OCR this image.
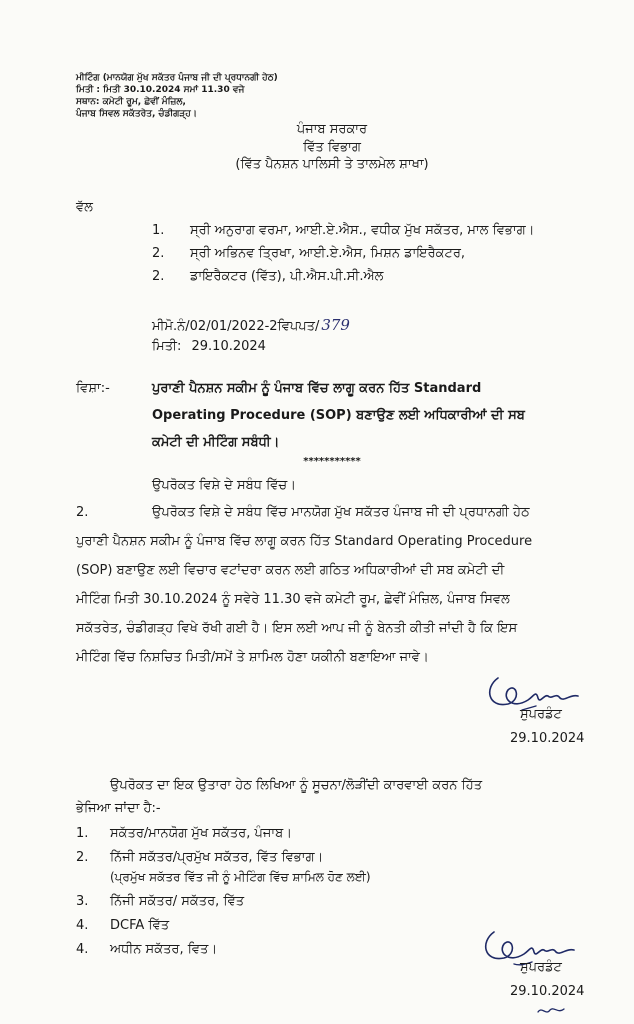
ਮੀਟਿੰਗ (ਮਾਨਯੋਗ ਮੁੱਖ ਸਕੱਤਰ ਪੰਜਾਬ ਜੀ ਦੀ ਪ੍ਰਧਾਨਗੀ ਹੇਠ)
ਮਿਤੀ : ਮਿਤੀ 30.10.2024 ਸਮਾਂ 11.30 ਵਜੇ
ਸਥਾਨ: ਕਮੇਟੀ ਰੂਮ, ਛੇਵੀਂ ਮੰਜ਼ਿਲ,
ਪੰਜਾਬ ਸਿਵਲ ਸਕੱਤਰੇਤ, ਚੰਡੀਗੜ੍ਹ।
ਪੰਜਾਬ ਸਰਕਾਰ
ਵਿੱਤ ਵਿਭਾਗ
(ਵਿੱਤ ਪੈਨਸ਼ਨ ਪਾਲਿਸੀ ਤੇ ਤਾਲਮੇਲ ਸ਼ਾਖਾ)
ਵੱਲ
1. ਸ੍ਰੀ ਅਨੁਰਾਗ ਵਰਮਾ, ਆਈ.ਏ.ਐਸ., ਵਧੀਕ ਮੁੱਖ ਸਕੱਤਰ, ਮਾਲ ਵਿਭਾਗ।
2. ਸ੍ਰੀ ਅਭਿਨਵ ਤ੍ਰਿਖਾ, ਆਈ.ਏ.ਐਸ, ਮਿਸ਼ਨ ਡਾਇਰੈਕਟਰ,
2. ਡਾਇਰੈਕਟਰ (ਵਿੱਤ), ਪੀ.ਐਸ.ਪੀ.ਸੀ.ਐਲ
ਮੀਮੋ.ਨੰ/02/01/2022-2ਵਿਪਪਤ/ 379
ਮਿਤੀ: 29.10.2024
ਵਿਸ਼ਾ:-	ਪੁਰਾਣੀ ਪੈਨਸ਼ਨ ਸਕੀਮ ਨੂੰ ਪੰਜਾਬ ਵਿੱਚ ਲਾਗੂ ਕਰਨ ਹਿੱਤ Standard
Operating Procedure (SOP) ਬਣਾਉਣ ਲਈ ਅਧਿਕਾਰੀਆਂ ਦੀ ਸਬ
ਕਮੇਟੀ ਦੀ ਮੀਟਿੰਗ ਸਬੰਧੀ।
***********
ਉਪਰੋਕਤ ਵਿਸ਼ੇ ਦੇ ਸਬੰਧ ਵਿੱਚ।
2.	ਉਪਰੋਕਤ ਵਿਸ਼ੇ ਦੇ ਸਬੰਧ ਵਿੱਚ ਮਾਨਯੋਗ ਮੁੱਖ ਸਕੱਤਰ ਪੰਜਾਬ ਜੀ ਦੀ ਪ੍ਰਧਾਨਗੀ ਹੇਠ
ਪੁਰਾਣੀ ਪੈਨਸ਼ਨ ਸਕੀਮ ਨੂੰ ਪੰਜਾਬ ਵਿੱਚ ਲਾਗੂ ਕਰਨ ਹਿੱਤ Standard Operating Procedure
(SOP) ਬਣਾਉਣ ਲਈ ਵਿਚਾਰ ਵਟਾਂਦਰਾ ਕਰਨ ਲਈ ਗਠਿਤ ਅਧਿਕਾਰੀਆਂ ਦੀ ਸਬ ਕਮੇਟੀ ਦੀ
ਮੀਟਿੰਗ ਮਿਤੀ 30.10.2024 ਨੂੰ ਸਵੇਰੇ 11.30 ਵਜੇ ਕਮੇਟੀ ਰੂਮ, ਛੇਵੀਂ ਮੰਜ਼ਿਲ, ਪੰਜਾਬ ਸਿਵਲ
ਸਕੱਤਰੇਤ, ਚੰਡੀਗੜ੍ਹ ਵਿਖੇ ਰੱਖੀ ਗਈ ਹੈ। ਇਸ ਲਈ ਆਪ ਜੀ ਨੂੰ ਬੇਨਤੀ ਕੀਤੀ ਜਾਂਦੀ ਹੈ ਕਿ ਇਸ
ਮੀਟਿੰਗ ਵਿੱਚ ਨਿਸ਼ਚਿਤ ਮਿਤੀ/ਸਮੇਂ ਤੇ ਸ਼ਾਮਿਲ ਹੋਣਾ ਯਕੀਨੀ ਬਣਾਇਆ ਜਾਵੇ।
ਸੁਪਰਡੰਟ
29.10.2024
ਉਪਰੋਕਤ ਦਾ ਇਕ ਉਤਾਰਾ ਹੇਠ ਲਿਖਿਆ ਨੂੰ ਸੂਚਨਾ/ਲੋੜੀਂਦੀ ਕਾਰਵਾਈ ਕਰਨ ਹਿੱਤ
ਭੇਜਿਆ ਜਾਂਦਾ ਹੈ:-
1. ਸਕੱਤਰ/ਮਾਨਯੋਗ ਮੁੱਖ ਸਕੱਤਰ, ਪੰਜਾਬ।
2. ਨਿੱਜੀ ਸਕੱਤਰ/ਪ੍ਰਮੁੱਖ ਸਕੱਤਰ, ਵਿੱਤ ਵਿਭਾਗ।
(ਪ੍ਰਮੁੱਖ ਸਕੱਤਰ ਵਿੱਤ ਜੀ ਨੂੰ ਮੀਟਿੰਗ ਵਿੱਚ ਸ਼ਾਮਿਲ ਹੋਣ ਲਈ)
3. ਨਿੱਜੀ ਸਕੱਤਰ/ ਸਕੱਤਰ, ਵਿੱਤ
4. DCFA ਵਿੱਤ
4. ਅਧੀਨ ਸਕੱਤਰ, ਵਿਤ।
ਸੁਪਰਡੰਟ
29.10.2024
